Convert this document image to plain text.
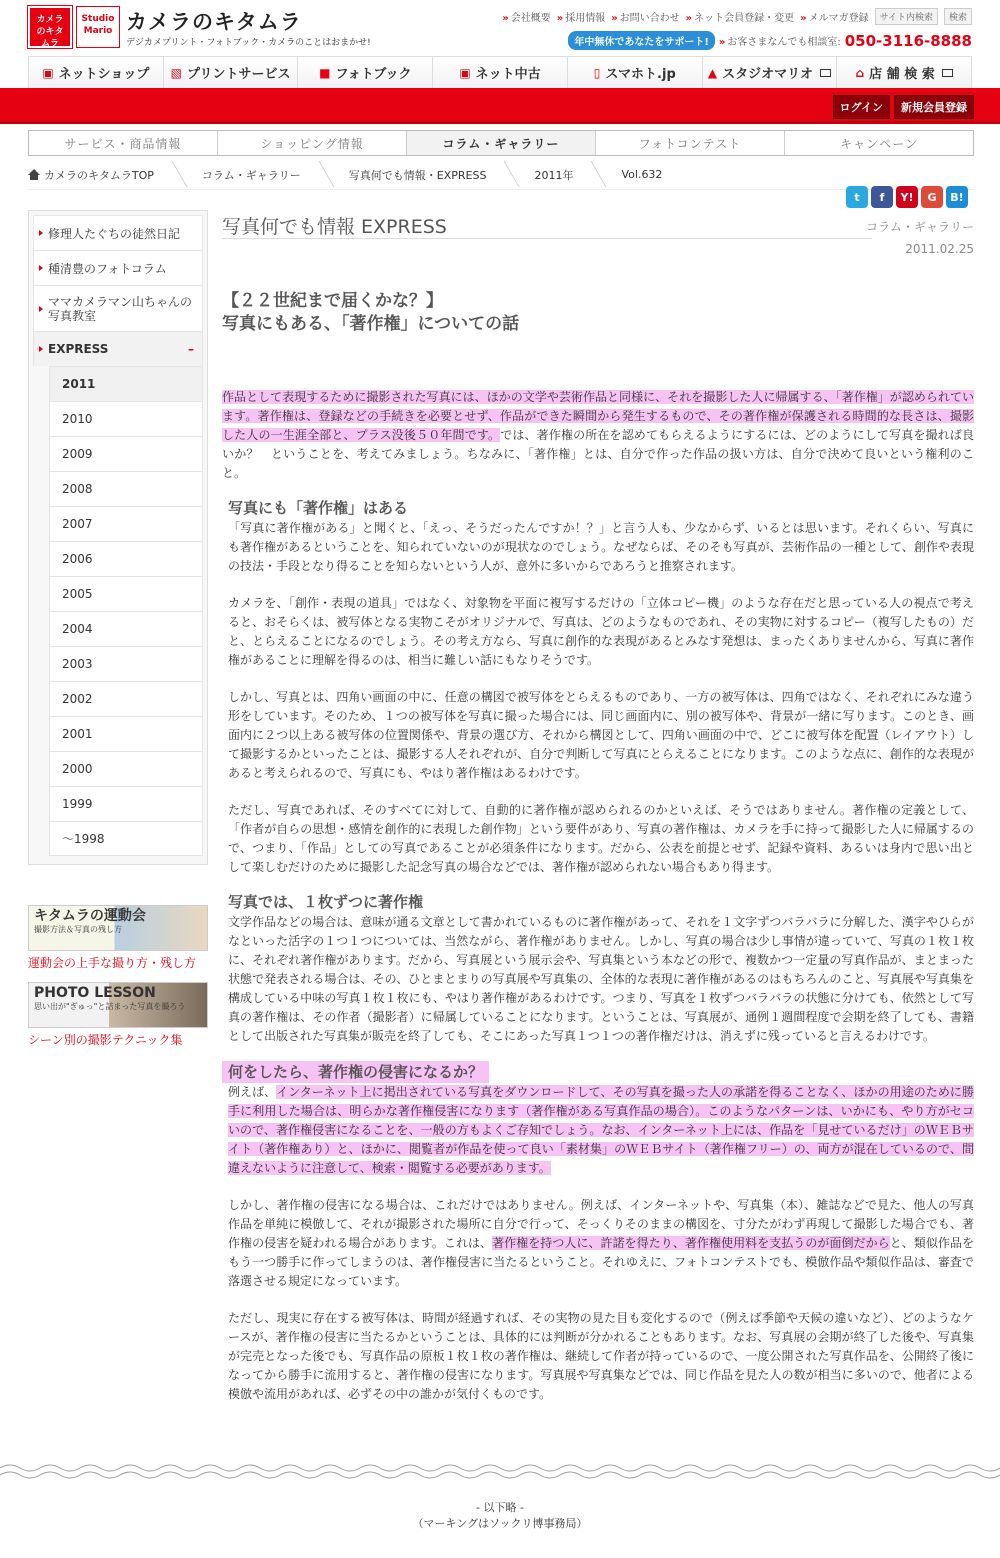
カメラのキタムラ
Studio Mario カメラのキタムラ
デジカメプリント・フォトブック・カメラのことはおまかせ!
» 会社概要	» 採用情報	» お問い合わせ	» ネット会員登録・変更	» メルマガ登録	サイト内検索	検索
年中無休であなたをサポート!	» お客さまなんでも相談室: 050-3116-8888
▣ ネットショップ ▧ プリントサービス ■ フォトブック	▣ ネット中古	▯ スマホト.jp	▲ スタジオマリオ	⌂ 店 舗 検 索
ログイン	新規会員登録
サービス・商品情報	ショッピング情報	コラム・ギャラリー	フォトコンテスト	キャンペーン
カメラのキタムラTOP	コラム・ギャラリー	写真何でも情報・EXPRESS	2011年	Vol.632
t	f	Y!	G	B!
修理人たぐちの徒然日記
種清豊のフォトコラム
ママカメラマン山ちゃんの写真教室
EXPRESS	–
2011
2010
2009
2008
2007
2006
2005
2004
2003
2002
2001
2000
1999
～1998
キタムラの運動会
撮影方法＆写真の残し方
運動会の上手な撮り方・残し方
PHOTO LESSON
思い出が"ぎゅっ"と詰まった写真を撮ろう
シーン別の撮影テクニック集
写真何でも情報 EXPRESS	コラム・ギャラリー
2011.02.25
【２２世紀まで届くかな？】
写真にもある、「著作権」についての話

作品として表現するために撮影された写真には、ほかの文学や芸術作品と同様に、それを撮影した人に帰属する、「著作権」が認められています。著作権は、登録などの手続きを必要とせず、作品ができた瞬間から発生するもので、その著作権が保護される時間的な長さは、撮影した人の一生涯全部と、プラス没後５０年間です。では、著作権の所在を認めてもらえるようにするには、どのようにして写真を撮れば良いか？　ということを、考えてみましょう。ちなみに、「著作権」とは、自分で作った作品の扱い方は、自分で決めて良いという権利のこと。

写真にも「著作権」はある

「写真に著作権がある」と聞くと、「えっ、そうだったんですか！？」と言う人も、少なからず、いるとは思います。それくらい、写真にも著作権があるということを、知られていないのが現状なのでしょう。なぜならば、そのそも写真が、芸術作品の一種として、創作や表現の技法・手段となり得ることを知らないという人が、意外に多いからであろうと推察されます。

カメラを、「創作・表現の道具」ではなく、対象物を平面に複写するだけの「立体コピー機」のような存在だと思っている人の視点で考えると、おそらくは、被写体となる実物こそがオリジナルで、写真は、どのようなものであれ、その実物に対するコピー（複写したもの）だと、とらえることになるのでしょう。その考え方なら、写真に創作的な表現があるとみなす発想は、まったくありませんから、写真に著作権があることに理解を得るのは、相当に難しい話にもなりそうです。

しかし、写真とは、四角い画面の中に、任意の構図で被写体をとらえるものであり、一方の被写体は、四角ではなく、それぞれにみな違う形をしています。そのため、１つの被写体を写真に撮った場合には、同じ画面内に、別の被写体や、背景が一緒に写ります。このとき、画面内に２つ以上ある被写体の位置関係や、背景の選び方、それから構図として、四角い画面の中で、どこに被写体を配置（レイアウト）して撮影するかといったことは、撮影する人それぞれが、自分で判断して写真にとらえることになります。このような点に、創作的な表現があると考えられるので、写真にも、やはり著作権はあるわけです。

ただし、写真であれば、そのすべてに対して、自動的に著作権が認められるのかといえば、そうではありません。著作権の定義として、「作者が自らの思想・感情を創作的に表現した創作物」という要件があり、写真の著作権は、カメラを手に持って撮影した人に帰属するので、つまり、「作品」としての写真であることが必須条件になります。だから、公表を前提とせず、記録や資料、あるいは身内で思い出として楽しむだけのために撮影した記念写真の場合などでは、著作権が認められない場合もあり得ます。

写真では、１枚ずつに著作権

文学作品などの場合は、意味が通る文章として書かれているものに著作権があって、それを１文字ずつバラバラに分解した、漢字やひらがなといった活字の１つ１つについては、当然ながら、著作権がありません。しかし、写真の場合は少し事情が違っていて、写真の１枚１枚に、それぞれ著作権があります。だから、写真展という展示会や、写真集という本などの形で、複数かつ一定量の写真作品が、まとまった状態で発表される場合は、その、ひとまとまりの写真展や写真集の、全体的な表現に著作権があるのはもちろんのこと、写真展や写真集を構成している中味の写真１枚１枚にも、やはり著作権があるわけです。つまり、写真を１枚ずつバラバラの状態に分けても、依然として写真の著作権は、その作者（撮影者）に帰属していることになります。ということは、写真展が、通例１週間程度で会期を終了しても、書籍として出版された写真集が販売を終了しても、そこにあった写真１つ１つの著作権だけは、消えずに残っていると言えるわけです。

何をしたら、著作権の侵害になるか？

例えば、インターネット上に掲出されている写真をダウンロードして、その写真を撮った人の承諾を得ることなく、ほかの用途のために勝手に利用した場合は、明らかな著作権侵害になります（著作権がある写真作品の場合）。このようなパターンは、いかにも、やり方がセコいので、著作権侵害になることを、一般の方もよくご存知でしょう。なお、インターネット上には、作品を「見せているだけ」のＷＥＢサイト（著作権あり）と、ほかに、閲覧者が作品を使って良い「素材集」のＷＥＢサイト（著作権フリー）の、両方が混在しているので、間違えないように注意して、検索・閲覧する必要があります。

しかし、著作権の侵害になる場合は、これだけではありません。例えば、インターネットや、写真集（本）、雑誌などで見た、他人の写真作品を単純に模倣して、それが撮影された場所に自分で行って、そっくりそのままの構図を、寸分たがわず再現して撮影した場合でも、著作権の侵害を疑われる場合があります。これは、著作権を持つ人に、許諾を得たり、著作権使用料を支払うのが面倒だからと、類似作品をもう一つ勝手に作ってしまうのは、著作権侵害に当たるということ。それゆえに、フォトコンテストでも、模倣作品や類似作品は、審査で落選させる規定になっています。

ただし、現実に存在する被写体は、時間が経過すれば、その実物の見た目も変化するので（例えば季節や天候の違いなど）、どのようなケースが、著作権の侵害に当たるかということは、具体的には判断が分かれることもあります。なお、写真展の会期が終了した後や、写真集が完売となった後でも、写真作品の原板１枚１枚の著作権は、継続して作者が持っているので、一度公開された写真作品を、公開終了後になってから勝手に流用すると、著作権の侵害になります。写真展や写真集などでは、同じ作品を見た人の数が相当に多いので、他者による模倣や流用があれば、必ずその中の誰かが気付くものです。

- 以下略 -
（マーキングはソックリ博事務局）
